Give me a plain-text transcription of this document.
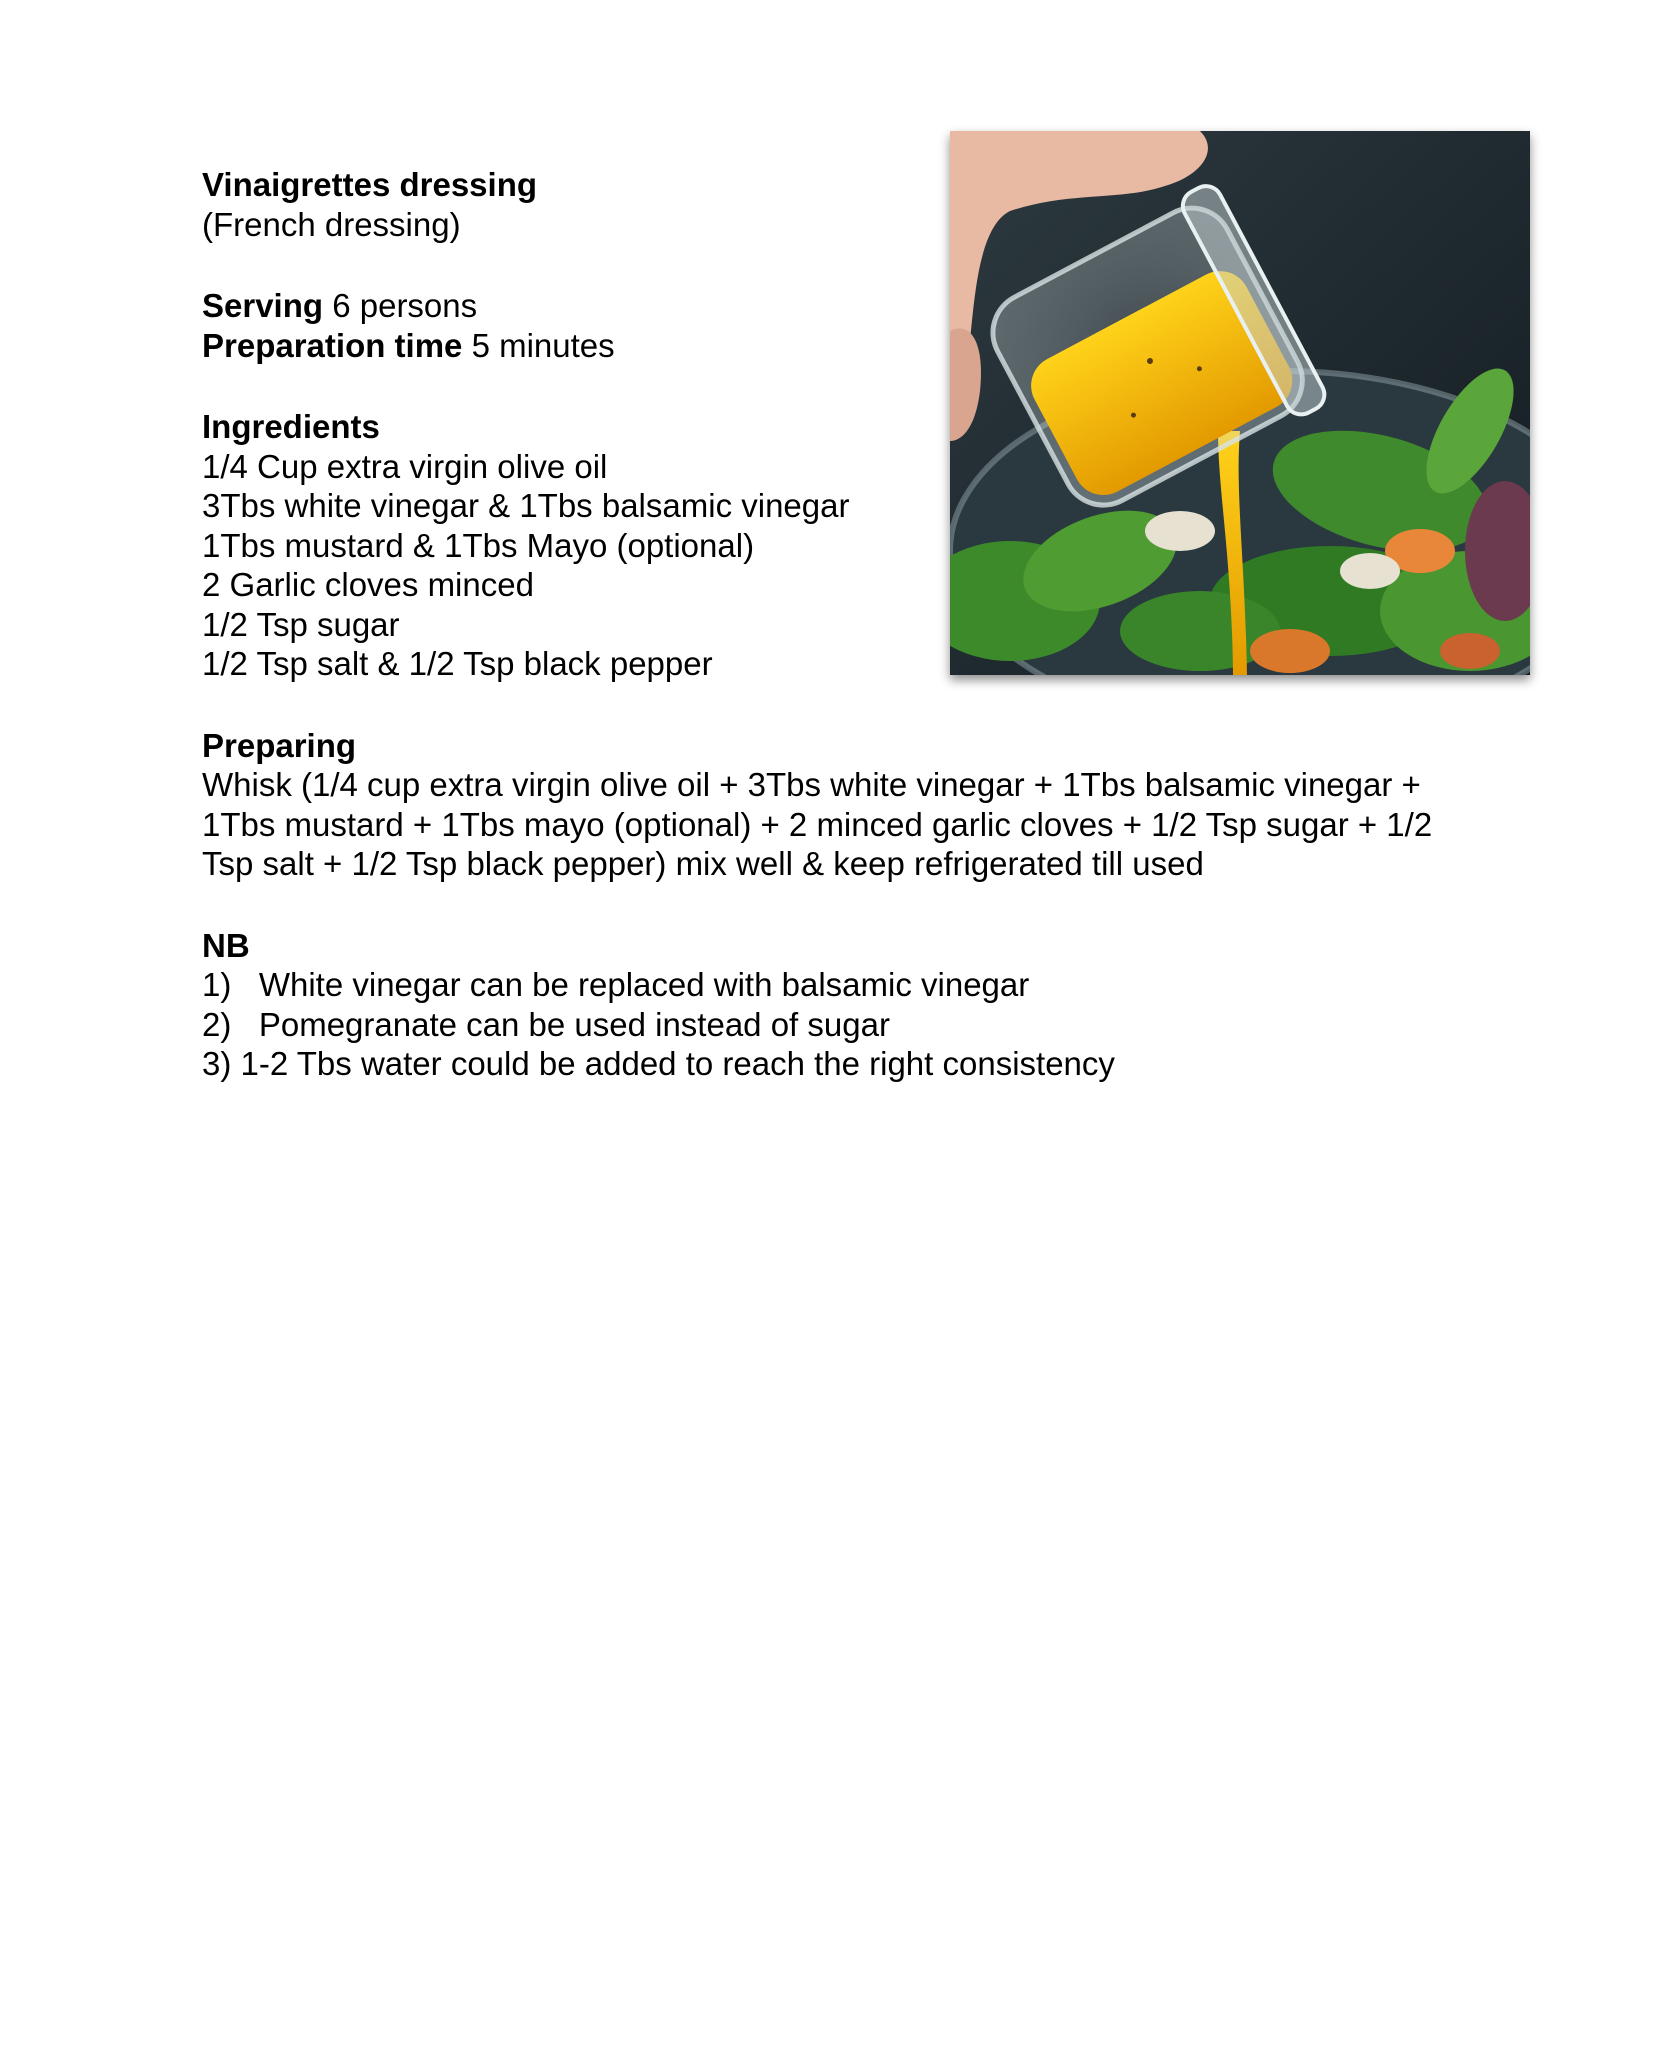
Vinaigrettes dressing
(French dressing)
Serving 6 persons
Preparation time 5 minutes
Ingredients
1/4 Cup extra virgin olive oil
3Tbs white vinegar & 1Tbs balsamic vinegar
1Tbs mustard & 1Tbs Mayo (optional)
2 Garlic cloves minced
1/2 Tsp sugar
1/2 Tsp salt & 1/2 Tsp black pepper
Preparing
Whisk (1/4 cup extra virgin olive oil + 3Tbs white vinegar + 1Tbs balsamic vinegar + 1Tbs mustard + 1Tbs mayo (optional) + 2 minced garlic cloves + 1/2 Tsp sugar + 1/2 Tsp salt + 1/2 Tsp black pepper) mix well & keep refrigerated till used
NB
1)   White vinegar can be replaced with balsamic vinegar
2)   Pomegranate can be used instead of sugar
3) 1-2 Tbs water could be added to reach the right consistency
